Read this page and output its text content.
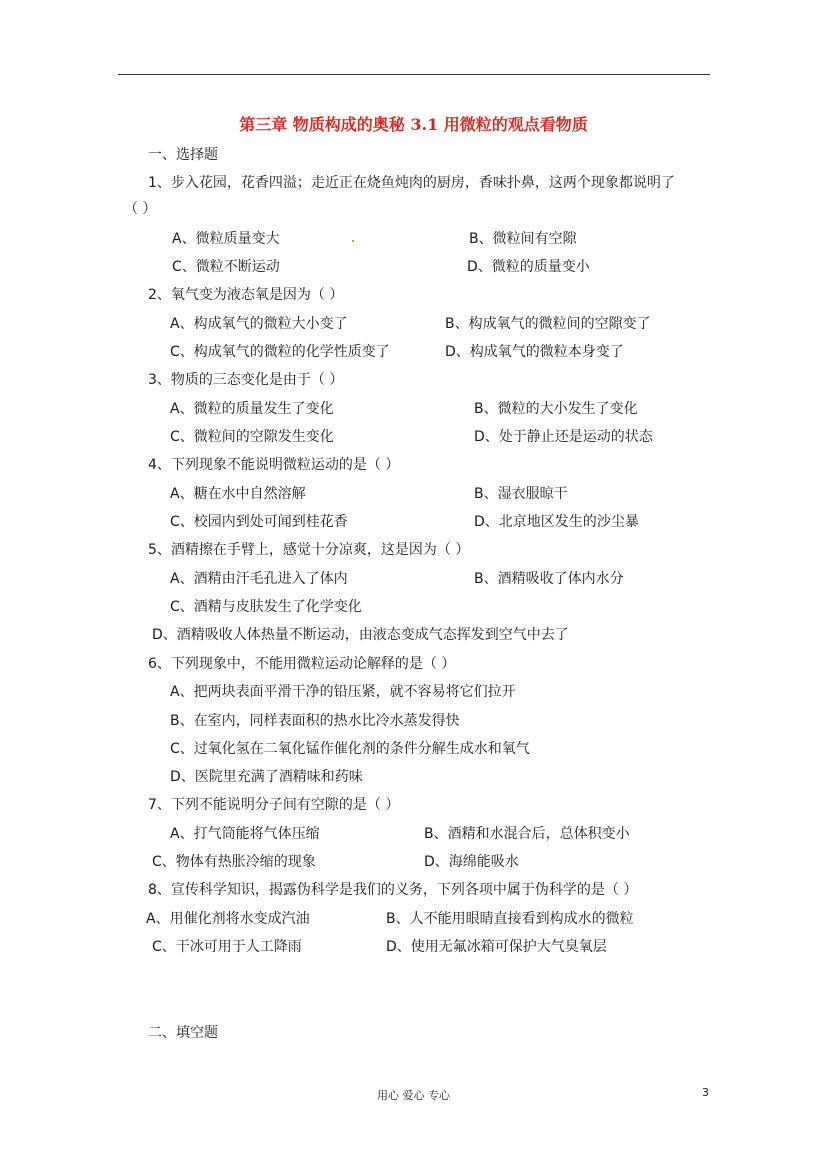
第三章 物质构成的奥秘 3.1 用微粒的观点看物质
一、选择题
1、步入花园，花香四溢；走近正在烧鱼炖肉的厨房，香味扑鼻，这两个现象都说明了
（ ）
A、微粒质量变大	B、微粒间有空隙
C、微粒不断运动	D、微粒的质量变小
2、氧气变为液态氧是因为（ ）
A、构成氧气的微粒大小变了	B、构成氧气的微粒间的空隙变了
C、构成氧气的微粒的化学性质变了	D、构成氧气的微粒本身变了
3、物质的三态变化是由于（ ）
A、微粒的质量发生了变化	B、微粒的大小发生了变化
C、微粒间的空隙发生变化	D、处于静止还是运动的状态
4、下列现象不能说明微粒运动的是（ ）
A、糖在水中自然溶解	B、湿衣服晾干
C、校园内到处可闻到桂花香	D、北京地区发生的沙尘暴
5、酒精擦在手臂上，感觉十分凉爽，这是因为（ ）
A、酒精由汗毛孔进入了体内	B、酒精吸收了体内水分
C、酒精与皮肤发生了化学变化
D、酒精吸收人体热量不断运动，由液态变成气态挥发到空气中去了
6、下列现象中，不能用微粒运动论解释的是（ ）
A、把两块表面平滑干净的铅压紧，就不容易将它们拉开
B、在室内，同样表面积的热水比冷水蒸发得快
C、过氧化氢在二氧化锰作催化剂的条件分解生成水和氧气
D、医院里充满了酒精味和药味
7、下列不能说明分子间有空隙的是（ ）
A、打气筒能将气体压缩	B、酒精和水混合后，总体积变小
C、物体有热胀冷缩的现象	D、海绵能吸水
8、宣传科学知识，揭露伪科学是我们的义务，下列各项中属于伪科学的是（ ）
A、用催化剂将水变成汽油	B、人不能用眼睛直接看到构成水的微粒
C、干冰可用于人工降雨	D、使用无氟冰箱可保护大气臭氧层
二、填空题
用心 爱心 专心	3
